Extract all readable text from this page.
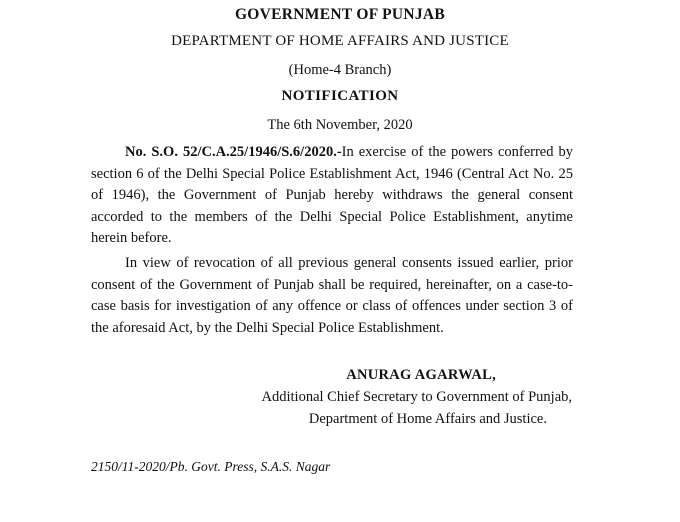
GOVERNMENT OF PUNJAB
DEPARTMENT OF HOME AFFAIRS AND JUSTICE
(Home-4 Branch)
NOTIFICATION
The 6th November, 2020

No. S.O. 52/C.A.25/1946/S.6/2020.-In exercise of the powers conferred by section 6 of the Delhi Special Police Establishment Act, 1946 (Central Act No. 25 of 1946), the Government of Punjab hereby withdraws the general consent accorded to the members of the Delhi Special Police Establishment, anytime herein before.

In view of revocation of all previous general consents issued earlier, prior consent of the Government of Punjab shall be required, hereinafter, on a case-to-case basis for investigation of any offence or class of offences under section 3 of the aforesaid Act, by the Delhi Special Police Establishment.

ANURAG AGARWAL,
Additional Chief Secretary to Government of Punjab,
Department of Home Affairs and Justice.
2150/11-2020/Pb. Govt. Press, S.A.S. Nagar
